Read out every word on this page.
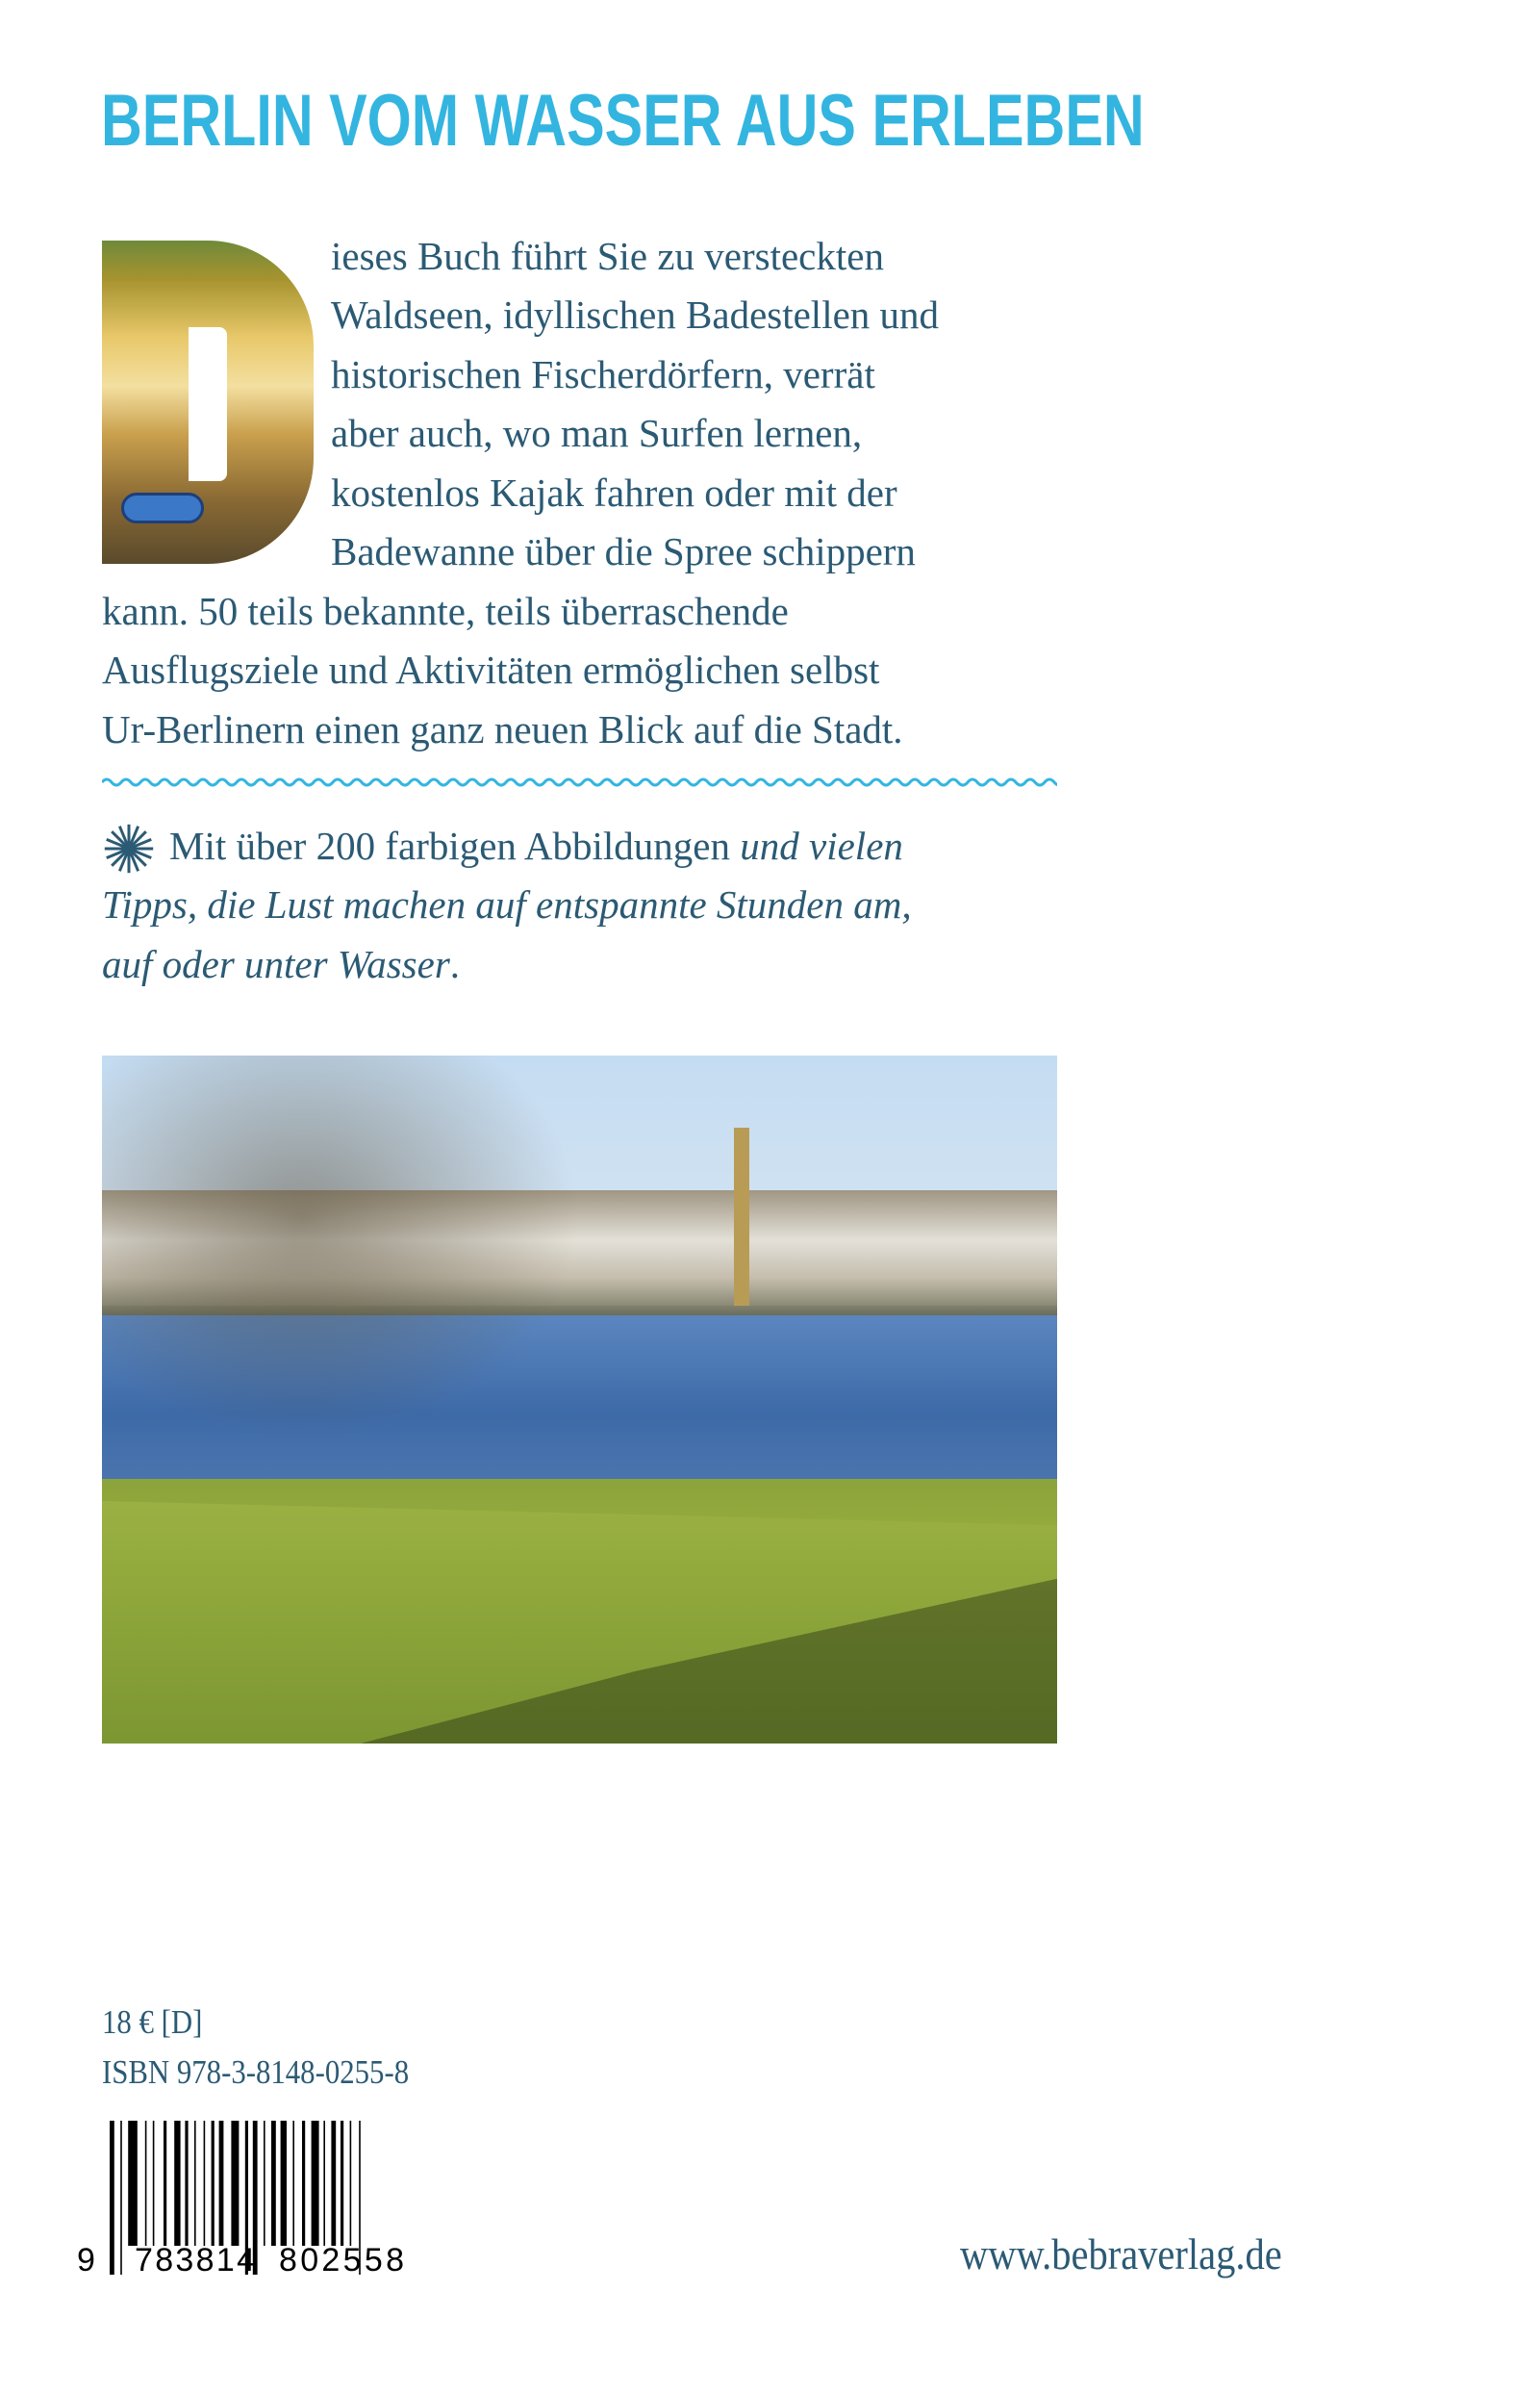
BERLIN VOM WASSER AUS ERLEBEN
ieses Buch führt Sie zu versteckten
Waldseen, idyllischen Badestellen und
historischen Fischerdörfern, verrät
aber auch, wo man Surfen lernen,
kostenlos Kajak fahren oder mit der
Badewanne über die Spree schippern
kann. 50 teils bekannte, teils überraschende
Ausflugsziele und Aktivitäten ermöglichen selbst
Ur-Berlinern einen ganz neuen Blick auf die Stadt.
Mit über 200 farbigen Abbildungen und vielen
Tipps, die Lust machen auf entspannte Stunden am,
auf oder unter Wasser.
18 € [D]
ISBN 978-3-8148-0255-8
9 783814 802558	www.bebraverlag.de
